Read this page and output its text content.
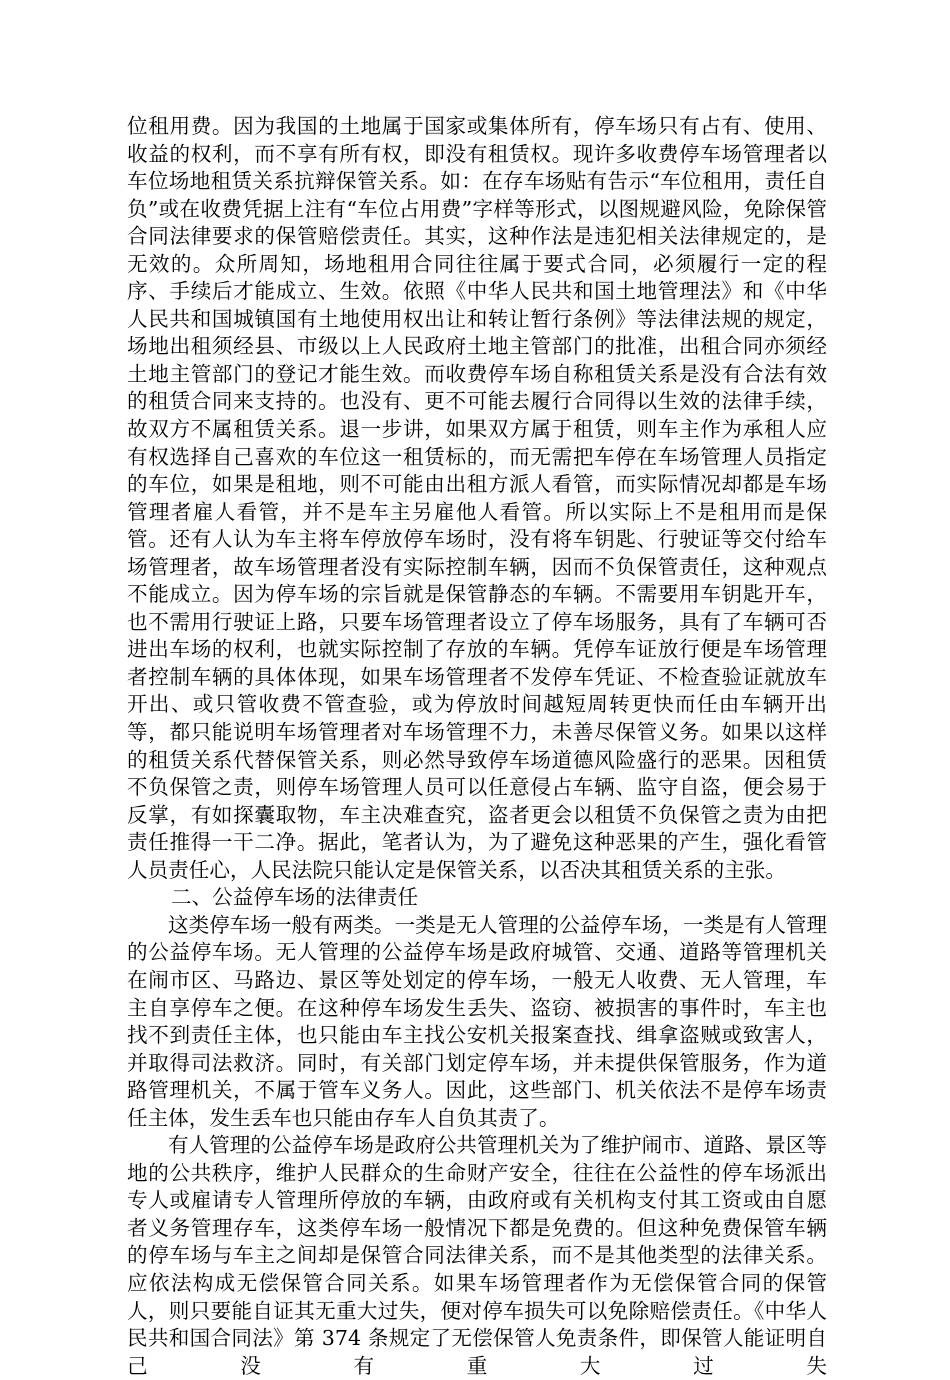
位租用费。因为我国的土地属于国家或集体所有，停车场只有占有、使用、收益的权利，而不享有所有权，即没有租赁权。现许多收费停车场管理者以车位场地租赁关系抗辩保管关系。如：在存车场贴有告示“车位租用，责任自负”或在收费凭据上注有“车位占用费”字样等形式，以图规避风险，免除保管合同法律要求的保管赔偿责任。其实，这种作法是违犯相关法律规定的，是无效的。众所周知，场地租用合同往往属于要式合同，必须履行一定的程序、手续后才能成立、生效。依照《中华人民共和国土地管理法》和《中华人民共和国城镇国有土地使用权出让和转让暂行条例》等法律法规的规定，场地出租须经县、市级以上人民政府土地主管部门的批准，出租合同亦须经土地主管部门的登记才能生效。而收费停车场自称租赁关系是没有合法有效的租赁合同来支持的。也没有、更不可能去履行合同得以生效的法律手续，故双方不属租赁关系。退一步讲，如果双方属于租赁，则车主作为承租人应有权选择自己喜欢的车位这一租赁标的，而无需把车停在车场管理人员指定的车位，如果是租地，则不可能由出租方派人看管，而实际情况却都是车场管理者雇人看管，并不是车主另雇他人看管。所以实际上不是租用而是保管。还有人认为车主将车停放停车场时，没有将车钥匙、行驶证等交付给车场管理者，故车场管理者没有实际控制车辆，因而不负保管责任，这种观点不能成立。因为停车场的宗旨就是保管静态的车辆。不需要用车钥匙开车，也不需用行驶证上路，只要车场管理者设立了停车场服务，具有了车辆可否进出车场的权利，也就实际控制了存放的车辆。凭停车证放行便是车场管理者控制车辆的具体体现，如果车场管理者不发停车凭证、不检查验证就放车开出、或只管收费不管查验，或为停放时间越短周转更快而任由车辆开出等，都只能说明车场管理者对车场管理不力，未善尽保管义务。如果以这样的租赁关系代替保管关系，则必然导致停车场道德风险盛行的恶果。因租赁不负保管之责，则停车场管理人员可以任意侵占车辆、监守自盗，便会易于反掌，有如探囊取物，车主决难查究，盗者更会以租赁不负保管之责为由把责任推得一干二净。据此，笔者认为，为了避免这种恶果的产生，强化看管人员责任心，人民法院只能认定是保管关系，以否决其租赁关系的主张。

二、公益停车场的法律责任

这类停车场一般有两类。一类是无人管理的公益停车场，一类是有人管理的公益停车场。无人管理的公益停车场是政府城管、交通、道路等管理机关在闹市区、马路边、景区等处划定的停车场，一般无人收费、无人管理，车主自享停车之便。在这种停车场发生丢失、盗窃、被损害的事件时，车主也找不到责任主体，也只能由车主找公安机关报案查找、缉拿盗贼或致害人，并取得司法救济。同时，有关部门划定停车场，并未提供保管服务，作为道路管理机关，不属于管车义务人。因此，这些部门、机关依法不是停车场责任主体，发生丢车也只能由存车人自负其责了。

有人管理的公益停车场是政府公共管理机关为了维护闹市、道路、景区等地的公共秩序，维护人民群众的生命财产安全，往往在公益性的停车场派出专人或雇请专人管理所停放的车辆，由政府或有关机构支付其工资或由自愿者义务管理存车，这类停车场一般情况下都是免费的。但这种免费保管车辆的停车场与车主之间却是保管合同法律关系，而不是其他类型的法律关系。应依法构成无偿保管合同关系。如果车场管理者作为无偿保管合同的保管人，则只要能自证其无重大过失，便对停车损失可以免除赔偿责任。《中华人民共和国合同法》第 374 条规定了无偿保管人免责条件，即保管人能证明自己没有重大过失
